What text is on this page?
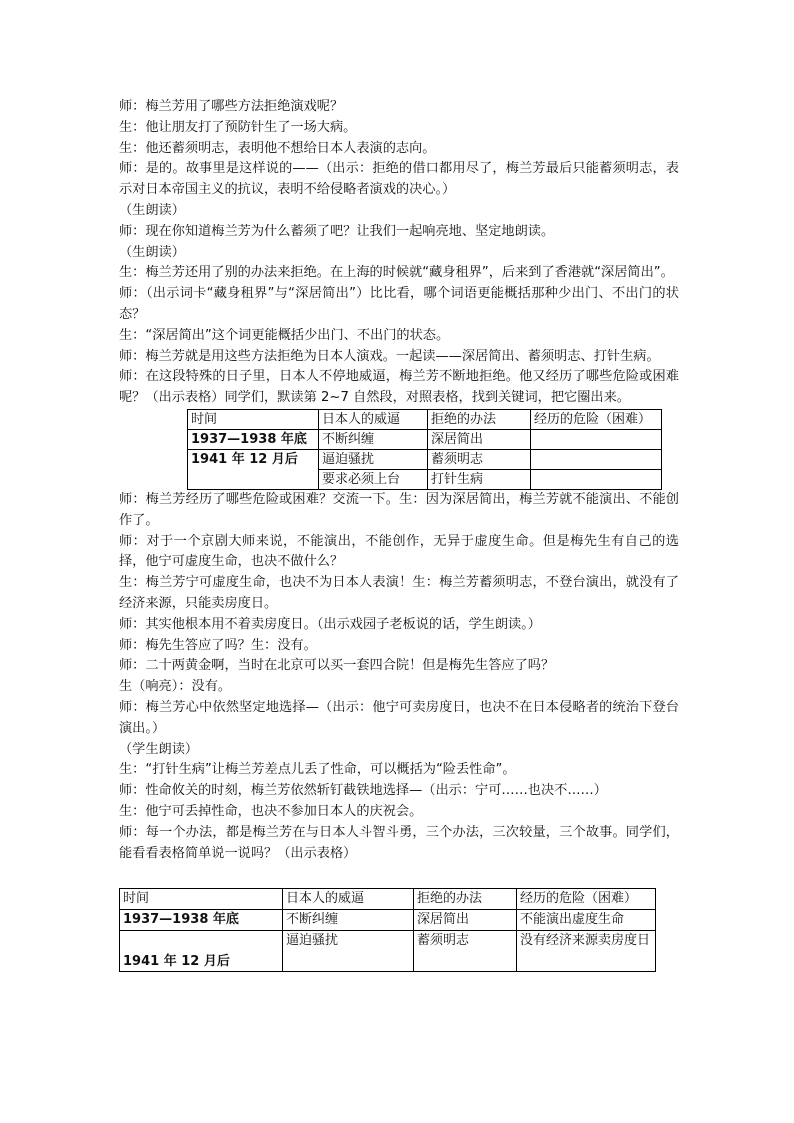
师：梅兰芳用了哪些方法拒绝演戏呢？

生：他让朋友打了预防针生了一场大病。

生：他还蓄须明志，表明他不想给日本人表演的志向。

师：是的。故事里是这样说的——（出示：拒绝的借口都用尽了，梅兰芳最后只能蓄须明志，表示对日本帝国主义的抗议，表明不给侵略者演戏的决心。）

（生朗读）

师：现在你知道梅兰芳为什么蓄须了吧？让我们一起响亮地、坚定地朗读。

（生朗读）

生：梅兰芳还用了别的办法来拒绝。在上海的时候就“藏身租界”，后来到了香港就“深居简出”。

师：（出示词卡“藏身租界”与“深居简出”）比比看，哪个词语更能概括那种少出门、不出门的状态？

生：“深居简出”这个词更能概括少出门、不出门的状态。

师：梅兰芳就是用这些方法拒绝为日本人演戏。一起读——深居简出、蓄须明志、打针生病。

师：在这段特殊的日子里，日本人不停地威逼，梅兰芳不断地拒绝。他又经历了哪些危险或困难呢？（出示表格）同学们，默读第 2~7 自然段，对照表格，找到关键词，把它圈出来。

时间	日本人的威逼	拒绝的办法	经历的危险（困难）
1937—1938 年底	不断纠缠	深居简出	
1941 年 12 月后	逼迫骚扰	蓄须明志	
	要求必须上台	打针生病	

师：梅兰芳经历了哪些危险或困难？交流一下。生：因为深居简出，梅兰芳就不能演出、不能创作了。

师：对于一个京剧大师来说，不能演出，不能创作，无异于虚度生命。但是梅先生有自己的选择，他宁可虚度生命，也决不做什么？

生：梅兰芳宁可虚度生命，也决不为日本人表演！生：梅兰芳蓄须明志，不登台演出，就没有了经济来源，只能卖房度日。

师：其实他根本用不着卖房度日。（出示戏园子老板说的话，学生朗读。）

师：梅先生答应了吗？生：没有。

师：二十两黄金啊，当时在北京可以买一套四合院！但是梅先生答应了吗？

生（响亮）：没有。

师：梅兰芳心中依然坚定地选择—（出示：他宁可卖房度日，也决不在日本侵略者的统治下登台演出。）

（学生朗读）

生：“打针生病”让梅兰芳差点儿丢了性命，可以概括为“险丢性命”。

师：性命攸关的时刻，梅兰芳依然斩钉截铁地选择—（出示：宁可……也决不……）

生：他宁可丢掉性命，也决不参加日本人的庆祝会。

师：每一个办法，都是梅兰芳在与日本人斗智斗勇，三个办法，三次较量，三个故事。同学们，能看看表格简单说一说吗？（出示表格）

时间	日本人的威逼	拒绝的办法	经历的危险（困难）
1937—1938 年底	不断纠缠	深居简出	不能演出虚度生命
1941 年 12 月后	逼迫骚扰	蓄须明志	没有经济来源卖房度日
